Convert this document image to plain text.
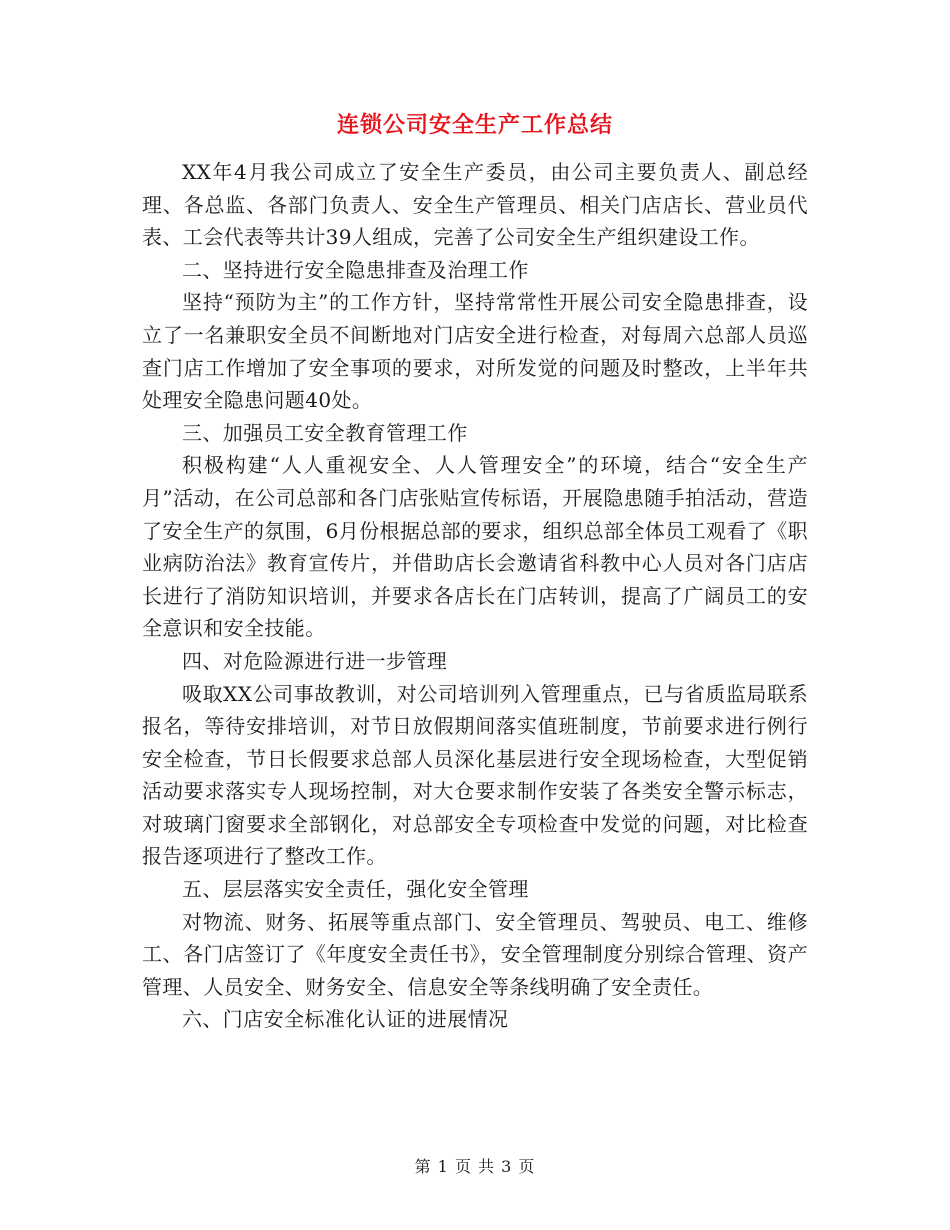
连锁公司安全生产工作总结

XX年4月我公司成立了安全生产委员，由公司主要负责人、副总经理、各总监、各部门负责人、安全生产管理员、相关门店店长、营业员代表、工会代表等共计39人组成，完善了公司安全生产组织建设工作。

二、坚持进行安全隐患排查及治理工作

坚持“预防为主”的工作方针，坚持常常性开展公司安全隐患排查，设立了一名兼职安全员不间断地对门店安全进行检查，对每周六总部人员巡查门店工作增加了安全事项的要求，对所发觉的问题及时整改，上半年共处理安全隐患问题40处。

三、加强员工安全教育管理工作

积极构建“人人重视安全、人人管理安全”的环境，结合“安全生产月”活动，在公司总部和各门店张贴宣传标语，开展隐患随手拍活动，营造了安全生产的氛围，6月份根据总部的要求，组织总部全体员工观看了《职业病防治法》教育宣传片，并借助店长会邀请省科教中心人员对各门店店长进行了消防知识培训，并要求各店长在门店转训，提高了广阔员工的安全意识和安全技能。

四、对危险源进行进一步管理

吸取XX公司事故教训，对公司培训列入管理重点，已与省质监局联系报名，等待安排培训，对节日放假期间落实值班制度，节前要求进行例行安全检查，节日长假要求总部人员深化基层进行安全现场检查，大型促销活动要求落实专人现场控制，对大仓要求制作安装了各类安全警示标志，对玻璃门窗要求全部钢化，对总部安全专项检查中发觉的问题，对比检查报告逐项进行了整改工作。

五、层层落实安全责任，强化安全管理

对物流、财务、拓展等重点部门、安全管理员、驾驶员、电工、维修工、各门店签订了《年度安全责任书》，安全管理制度分别综合管理、资产管理、人员安全、财务安全、信息安全等条线明确了安全责任。

六、门店安全标准化认证的进展情况

第 1 页 共 3 页
